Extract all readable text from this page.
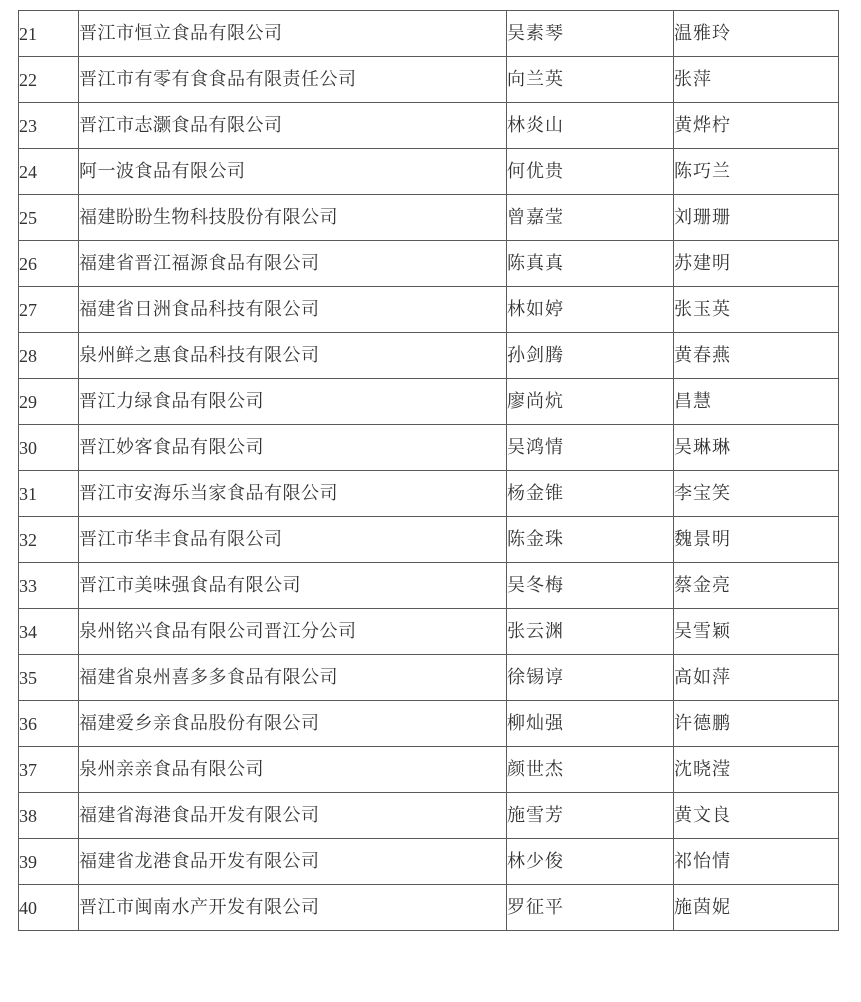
21	晋江市恒立食品有限公司	吴素琴	温雅玲
22	晋江市有零有食食品有限责任公司	向兰英	张萍
23	晋江市志灏食品有限公司	林炎山	黄烨柠
24	阿一波食品有限公司	何优贵	陈巧兰
25	福建盼盼生物科技股份有限公司	曾嘉莹	刘珊珊
26	福建省晋江福源食品有限公司	陈真真	苏建明
27	福建省日洲食品科技有限公司	林如婷	张玉英
28	泉州鲜之惠食品科技有限公司	孙剑腾	黄春燕
29	晋江力绿食品有限公司	廖尚炕	昌慧
30	晋江妙客食品有限公司	吴鸿情	吴琳琳
31	晋江市安海乐当家食品有限公司	杨金锥	李宝笑
32	晋江市华丰食品有限公司	陈金珠	魏景明
33	晋江市美味强食品有限公司	吴冬梅	蔡金亮
34	泉州铭兴食品有限公司晋江分公司	张云渊	吴雪颖
35	福建省泉州喜多多食品有限公司	徐锡谆	高如萍
36	福建爱乡亲食品股份有限公司	柳灿强	许德鹏
37	泉州亲亲食品有限公司	颜世杰	沈晓滢
38	福建省海港食品开发有限公司	施雪芳	黄文良
39	福建省龙港食品开发有限公司	林少俊	祁怡情
40	晋江市闽南水产开发有限公司	罗征平	施茵妮
